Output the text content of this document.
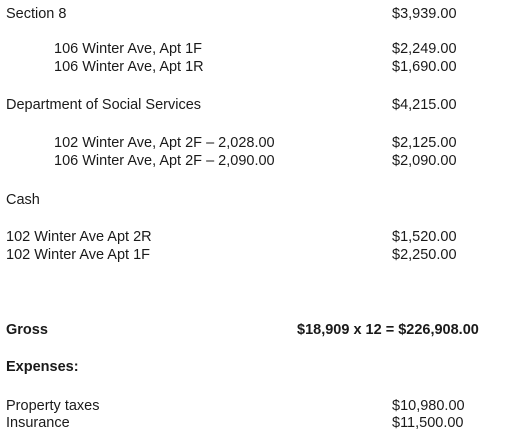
Section 8	$3,939.00
106 Winter Ave, Apt 1F	$2,249.00
106 Winter Ave, Apt 1R	$1,690.00
Department of Social Services	$4,215.00
102 Winter Ave, Apt 2F – 2,028.00	$2,125.00
106 Winter Ave, Apt 2F – 2,090.00	$2,090.00
Cash
102 Winter Ave Apt 2R	$1,520.00
102 Winter Ave Apt 1F	$2,250.00
Gross	$18,909 x 12 = $226,908.00
Expenses:
Property taxes	$10,980.00
Insurance	$11,500.00
